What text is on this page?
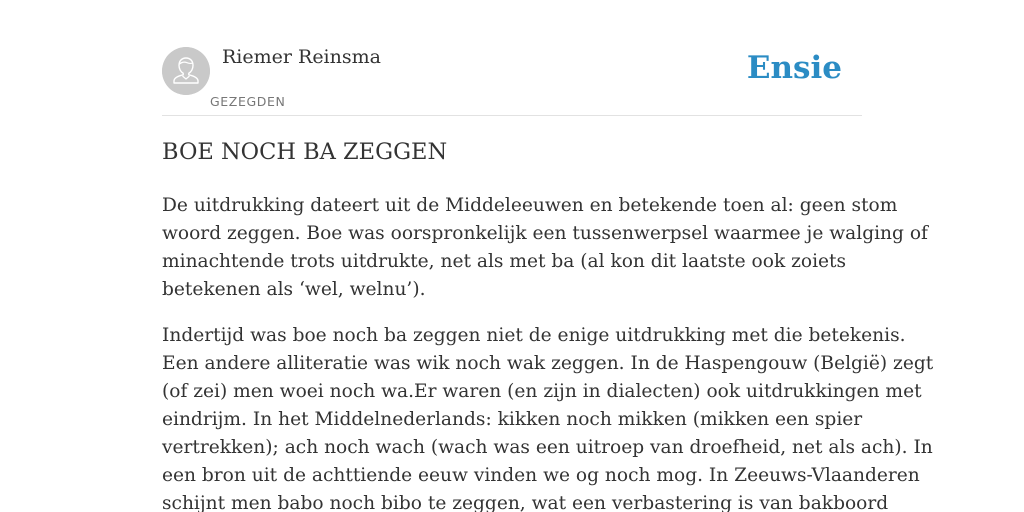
Riemer Reinsma
GEZEGDEN
Ensie
BOE NOCH BA ZEGGEN

De uitdrukking dateert uit de Middeleeuwen en betekende toen al: geen stom
woord zeggen. Boe was oorspronkelijk een tussenwerpsel waarmee je walging of
minachtende trots uitdrukte, net als met ba (al kon dit laatste ook zoiets
betekenen als ‘wel, welnu’).

Indertijd was boe noch ba zeggen niet de enige uitdrukking met die betekenis.
Een andere alliteratie was wik noch wak zeggen. In de Haspengouw (België) zegt
(of zei) men woei noch wa.Er waren (en zijn in dialecten) ook uitdrukkingen met
eindrijm. In het Middelnederlands: kikken noch mikken (mikken een spier
vertrekken); ach noch wach (wach was een uitroep van droefheid, net als ach). In
een bron uit de achttiende eeuw vinden we og noch mog. In Zeeuws-Vlaanderen
schijnt men babo noch bibo te zeggen, wat een verbastering is van bakboord
